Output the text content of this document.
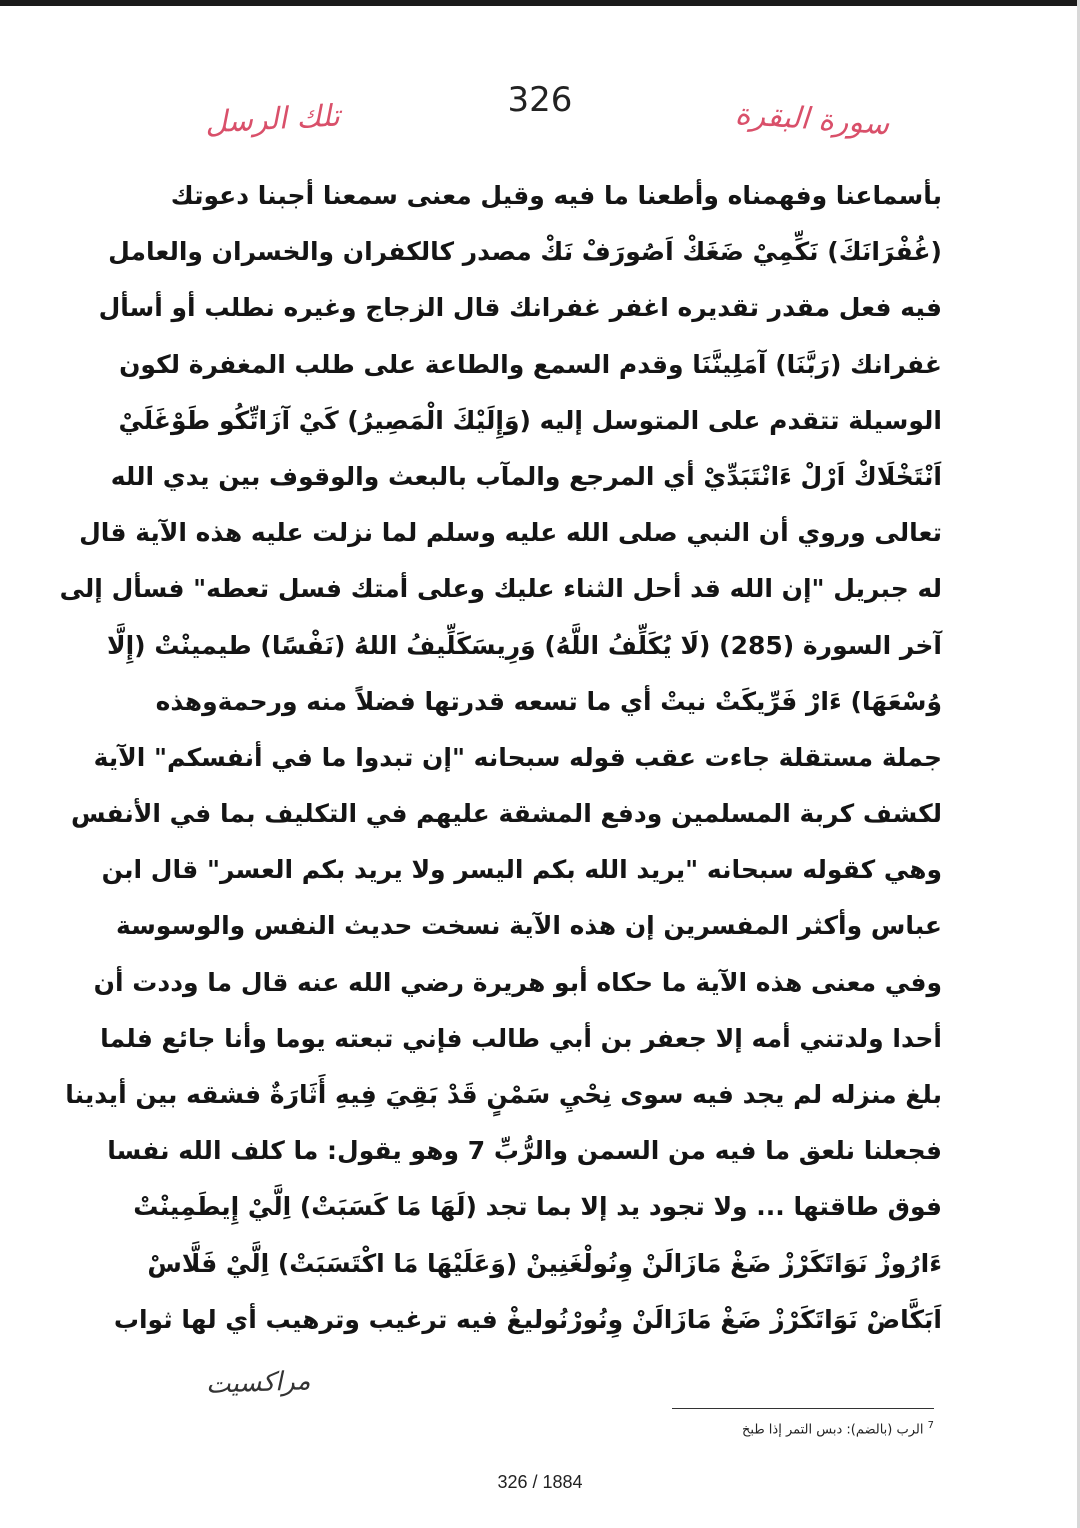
تلك الرسل	326	سورة البقرة
بأسماعنا وفهمناه وأطعنا ما فيه وقيل معنى سمعنا أجبنا دعوتك
(غُفْرَانَكَ) نَكِّمِيْ ضَغَكْ اَصُورَفْ نَكْ مصدر كالكفران والخسران والعامل
فيه فعل مقدر تقديره اغفر غفرانك قال الزجاج وغيره نطلب أو أسأل
غفرانك (رَبَّنَا) آمَلِينَّنَا وقدم السمع والطاعة على طلب المغفرة لكون
الوسيلة تتقدم على المتوسل إليه (وَإِلَيْكَ الْمَصِيرُ) كَيْ آزَاتِّكُو طَوْغَلَيْ
اَنْتَخْلَاكْ اَرْلْ ءَانْتَبَدِّيْ أي المرجع والمآب بالبعث والوقوف بين يدي الله
تعالى وروي أن النبي صلى الله عليه وسلم لما نزلت عليه هذه الآية قال
له جبريل "إن الله قد أحل الثناء عليك وعلى أمتك فسل تعطه" فسأل إلى
آخر السورة (285) (لَا يُكَلِّفُ اللَّهُ) وَرِيسَكَلِّيفُ اللهُ (نَفْسًا) طيمينْتْ (إِلَّا
وُسْعَهَا) ءَارْ فَرِّيكَتْ نيتْ أي ما تسعه قدرتها فضلاً منه ورحمةوهذه
جملة مستقلة جاءت عقب قوله سبحانه "إن تبدوا ما في أنفسكم" الآية
لكشف كربة المسلمين ودفع المشقة عليهم في التكليف بما في الأنفس
وهي كقوله سبحانه "يريد الله بكم اليسر ولا يريد بكم العسر" قال ابن
عباس وأكثر المفسرين إن هذه الآية نسخت حديث النفس والوسوسة
وفي معنى هذه الآية ما حكاه أبو هريرة رضي الله عنه قال ما وددت أن
أحدا ولدتني أمه إلا جعفر بن أبي طالب فإني تبعته يوما وأنا جائع فلما
بلغ منزله لم يجد فيه سوى نِحْيِ سَمْنٍ قَدْ بَقِيَ فِيهِ أَثَارَةٌ فشقه بين أيدينا
فجعلنا نلعق ما فيه من السمن والرُّبِّ 7 وهو يقول: ما كلف الله نفسا
فوق طاقتها ... ولا تجود يد إلا بما تجد (لَهَا مَا كَسَبَتْ) اِلَّيْ إِيطَمِينْتْ
ءَارُوزْ نَوَاتَكَرْزْ ضَغْ مَازَالَنْ وِنُولْغَنِينْ (وَعَلَيْهَا مَا اكْتَسَبَتْ) اِلَّيْ فَلَّاسْ
اَبَكَّاضْ نَوَاتَكَرْزْ ضَغْ مَازَالَنْ وِنُورْنُوليغْ فيه ترغيب وترهيب أي لها ثواب
مراكسيت
$^7$ الرب (بالضم): دبس التمر إذا طبخ
326 / 1884
